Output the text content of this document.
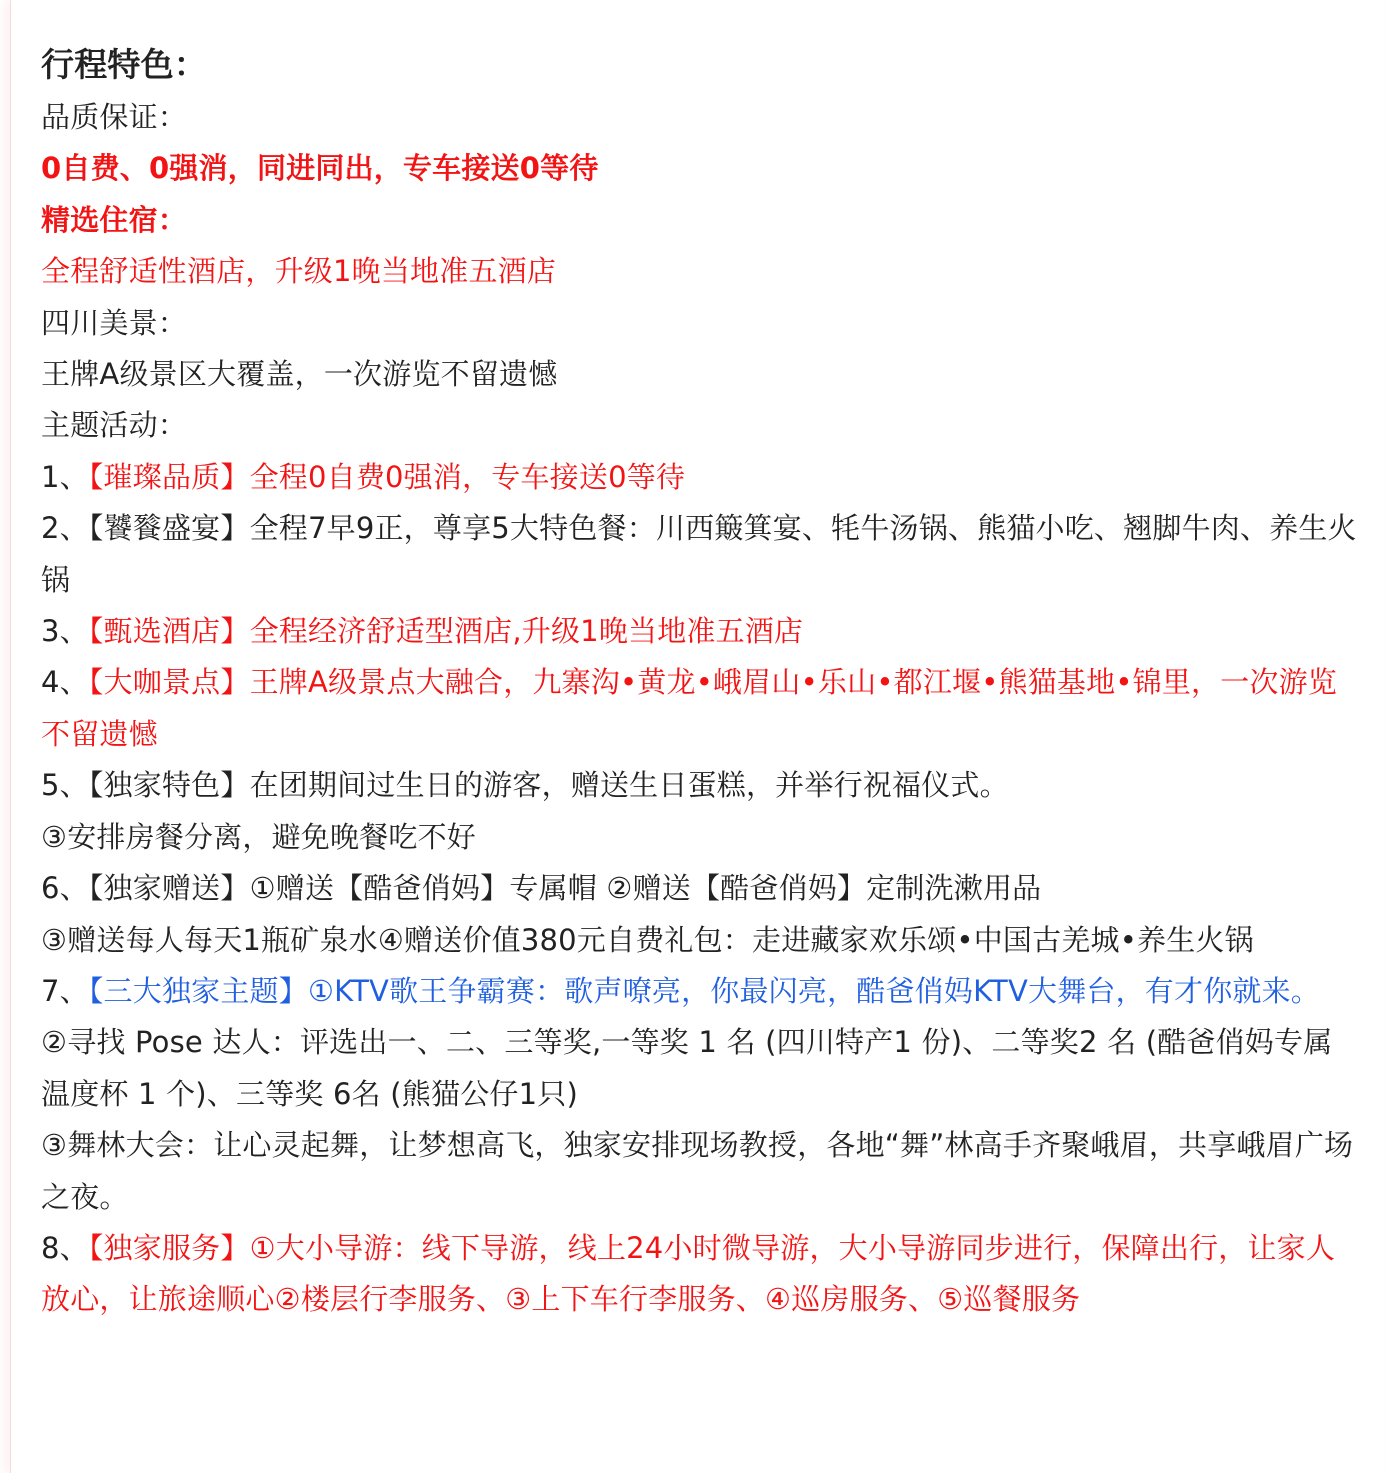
行程特色：

品质保证：

0自费、0强消，同进同出，专车接送0等待

精选住宿：

全程舒适性酒店，升级1晚当地准五酒店

四川美景：

王牌A级景区大覆盖，一次游览不留遗憾

主题活动：

1、【璀璨品质】全程0自费0强消，专车接送0等待

2、【饕餮盛宴】全程7早9正，尊享5大特色餐：川西簸箕宴、牦牛汤锅、熊猫小吃、翘脚牛肉、养生火锅

3、【甄选酒店】全程经济舒适型酒店,升级1晚当地准五酒店

4、【大咖景点】王牌A级景点大融合，九寨沟•黄龙•峨眉山•乐山•都江堰•熊猫基地•锦里，一次游览不留遗憾

5、【独家特色】在团期间过生日的游客，赠送生日蛋糕，并举行祝福仪式。

③安排房餐分离，避免晚餐吃不好

6、【独家赠送】①赠送【酷爸俏妈】专属帽 ②赠送【酷爸俏妈】定制洗漱用品

③赠送每人每天1瓶矿泉水④赠送价值380元自费礼包：走进藏家欢乐颂•中国古羌城•养生火锅

7、【三大独家主题】①KTV歌王争霸赛：歌声嘹亮，你最闪亮，酷爸俏妈KTV大舞台，有才你就来。

②寻找 Pose 达人：评选出一、二、三等奖,一等奖 1 名 (四川特产1 份)、二等奖2 名 (酷爸俏妈专属温度杯 1 个)、三等奖 6名 (熊猫公仔1只)

③舞林大会：让心灵起舞，让梦想高飞，独家安排现场教授，各地“舞”林高手齐聚峨眉，共享峨眉广场之夜。

8、【独家服务】①大小导游：线下导游，线上24小时微导游，大小导游同步进行，保障出行，让家人放心，让旅途顺心②楼层行李服务、③上下车行李服务、④巡房服务、⑤巡餐服务
